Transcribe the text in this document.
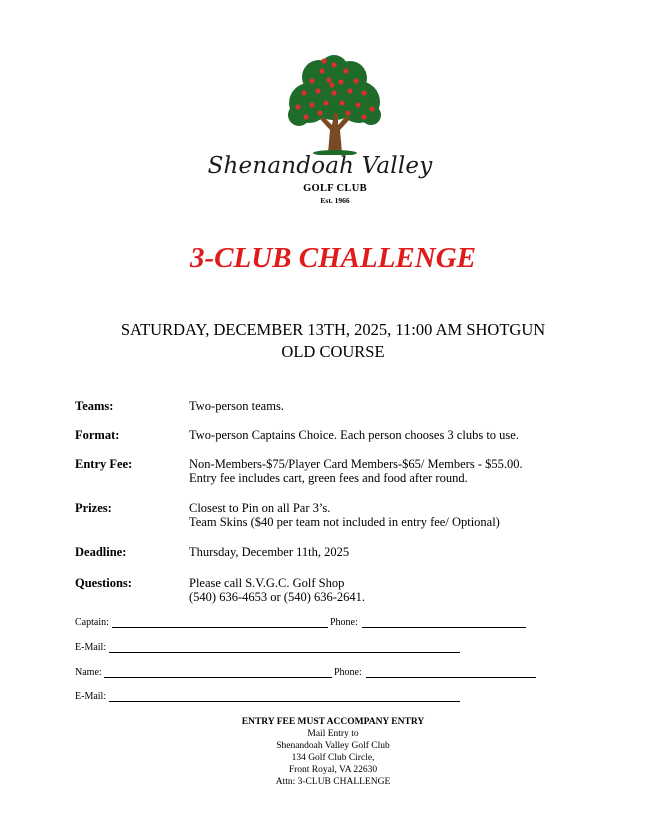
Shenandoah Valley
GOLF CLUB
Est. 1966
3-CLUB CHALLENGE
SATURDAY, DECEMBER 13TH, 2025, 11:00 AM SHOTGUN
OLD COURSE
Teams:	Two-person teams.
Format:	Two-person Captains Choice. Each person chooses 3 clubs to use.
Entry Fee:	Non-Members-$75/Player Card Members-$65/ Members - $55.00.
Entry fee includes cart, green fees and food after round.
Prizes:	Closest to Pin on all Par 3’s.
Team Skins ($40 per team not included in entry fee/ Optional)
Deadline:	Thursday, December 11th, 2025
Questions:	Please call S.V.G.C. Golf Shop
(540) 636-4653 or (540) 636-2641.
Captain:	Phone:
E-Mail:
Name:	Phone:
E-Mail:
ENTRY FEE MUST ACCOMPANY ENTRY
Mail Entry to
Shenandoah Valley Golf Club
134 Golf Club Circle,
Front Royal, VA 22630
Attn: 3-CLUB CHALLENGE
